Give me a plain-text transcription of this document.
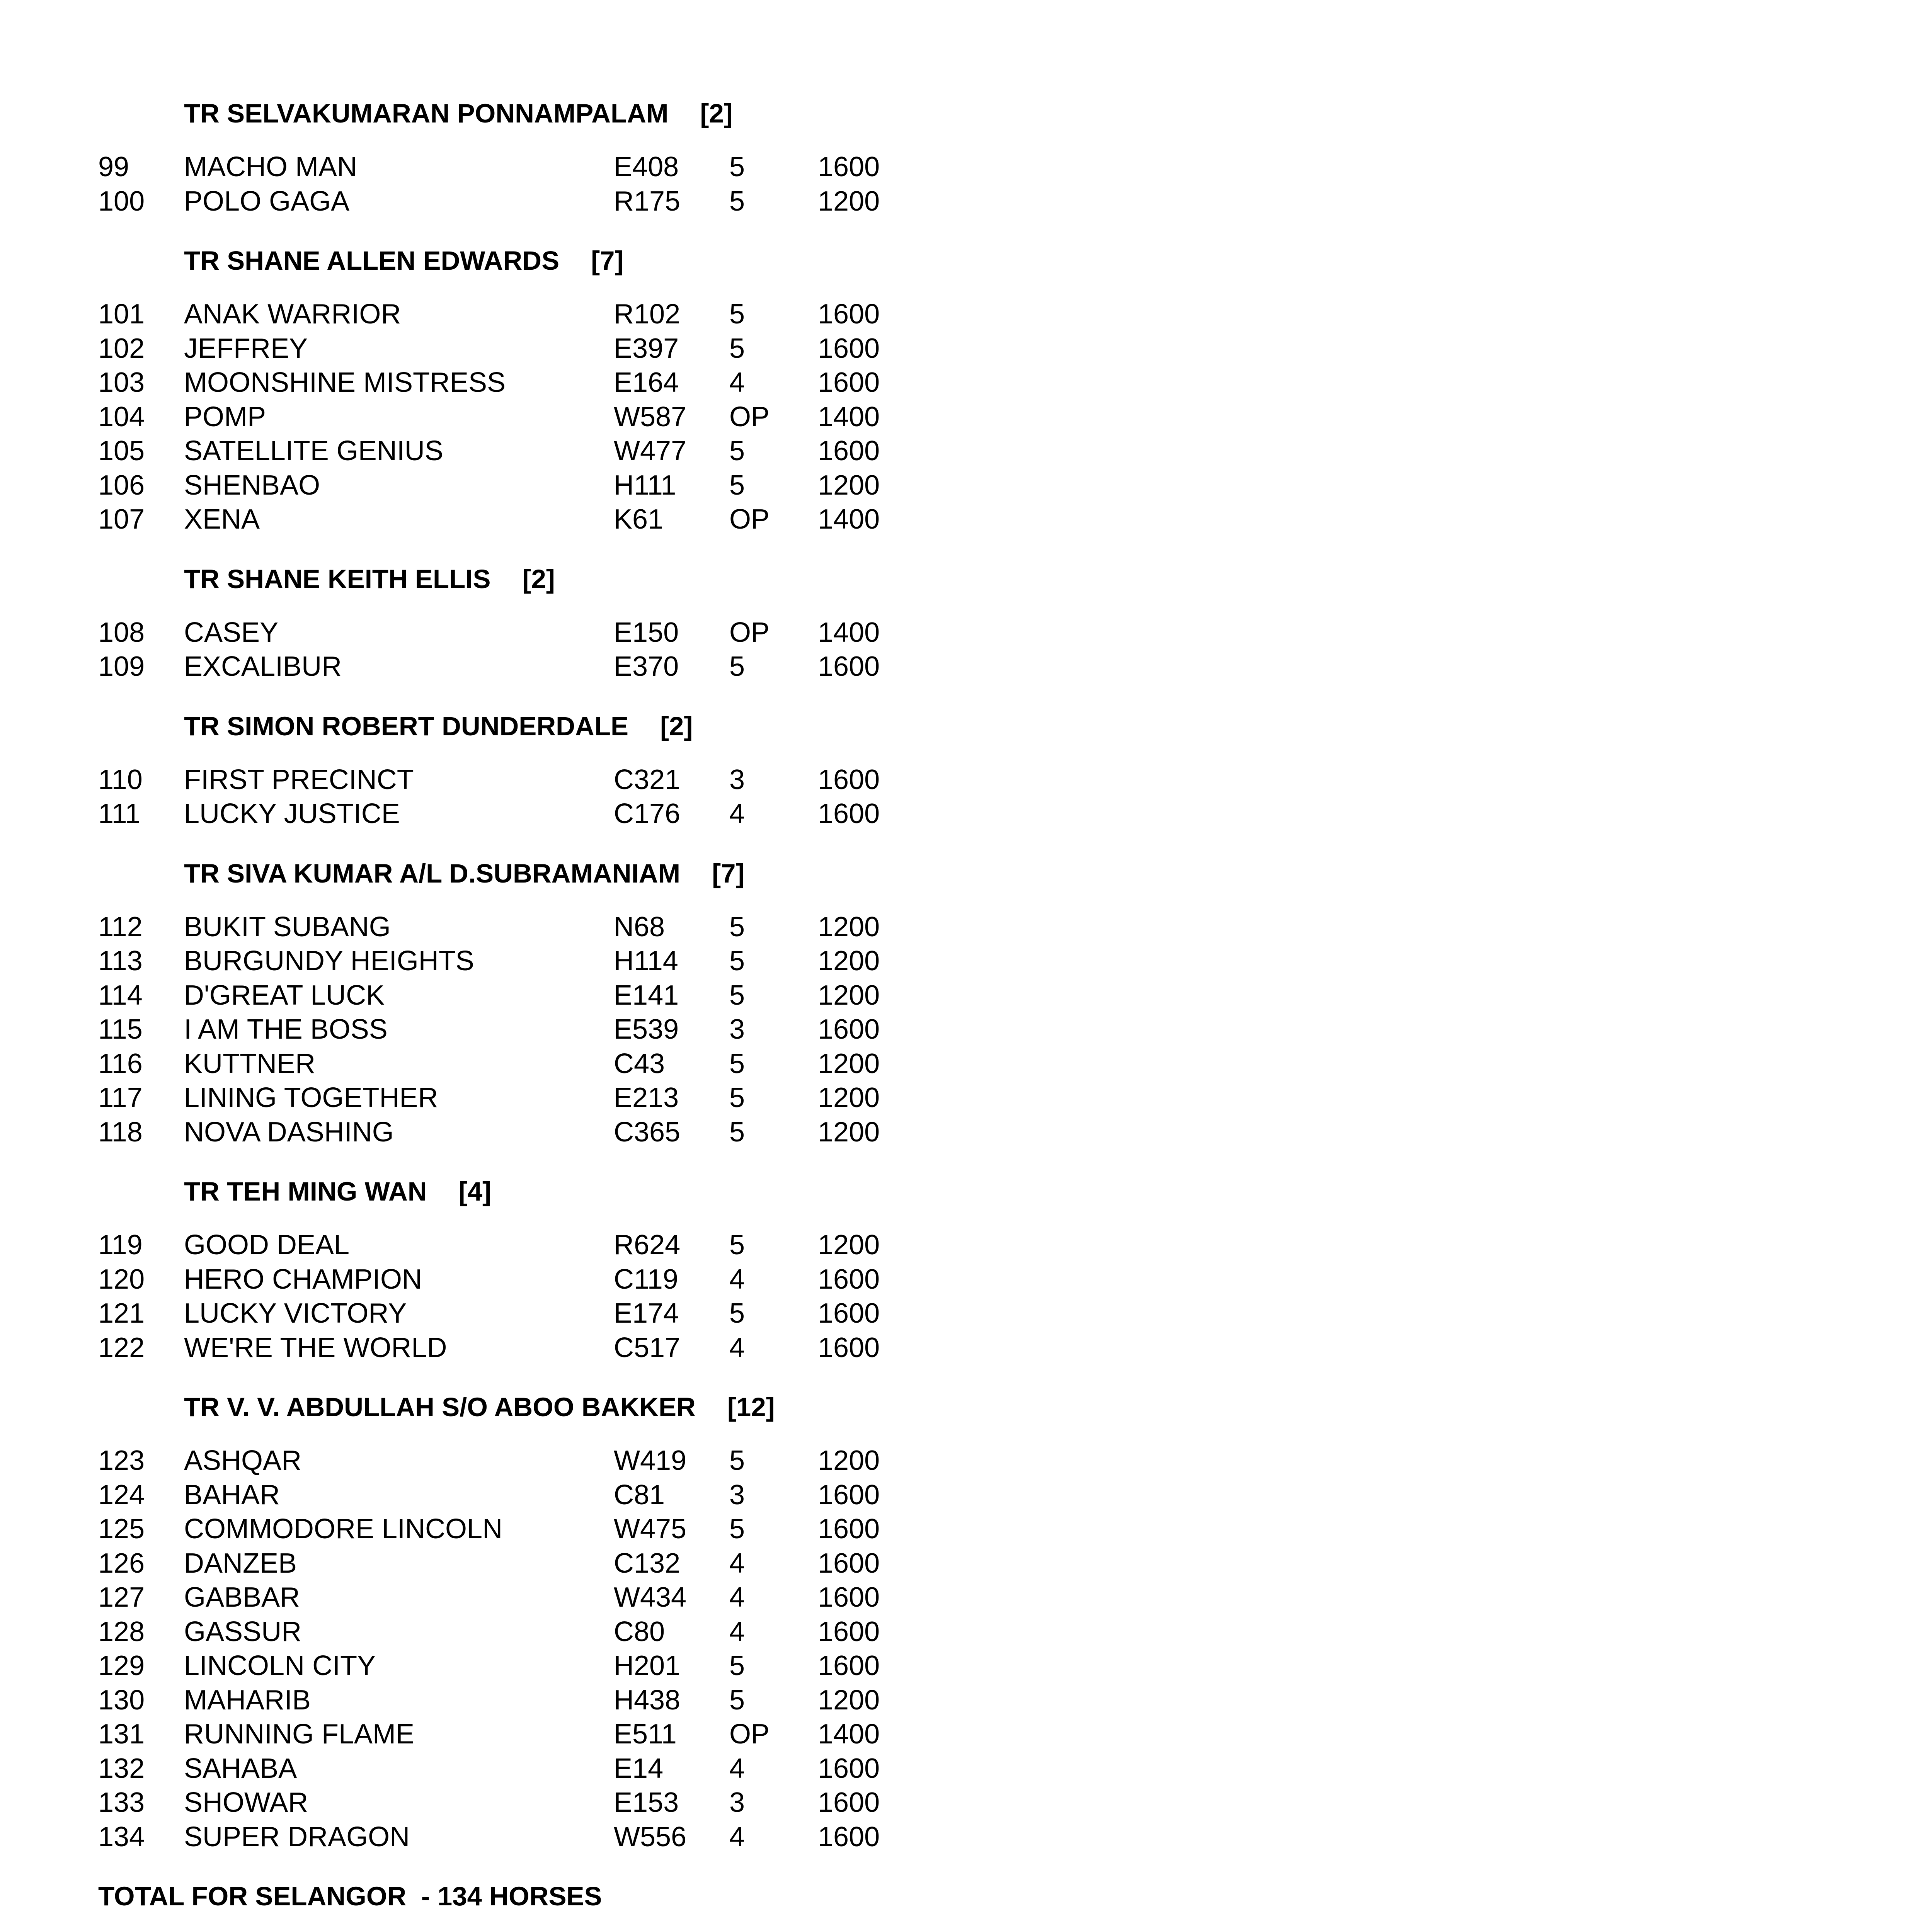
TR SELVAKUMARAN PONNAMPALAM [2]
99 MACHO MAN	E408 5	1600
100 POLO GAGA	R175 5	1200
TR SHANE ALLEN EDWARDS [7]
101 ANAK WARRIOR	R102 5	1600
102 JEFFREY	E397 5	1600
103 MOONSHINE MISTRESS	E164 4	1600
104 POMP	W587 OP 1400
105 SATELLITE GENIUS	W477 5	1600
106 SHENBAO	H111 5	1200
107 XENA	K61 OP 1400
TR SHANE KEITH ELLIS [2]
108 CASEY	E150 OP 1400
109 EXCALIBUR	E370 5	1600
TR SIMON ROBERT DUNDERDALE [2]
110 FIRST PRECINCT	C321 3	1600
111 LUCKY JUSTICE	C176 4	1600
TR SIVA KUMAR A/L D.SUBRAMANIAM [7]
112 BUKIT SUBANG	N68 5	1200
113 BURGUNDY HEIGHTS	H114 5	1200
114 D'GREAT LUCK	E141 5	1200
115 I AM THE BOSS	E539 3	1600
116 KUTTNER	C43 5	1200
117 LINING TOGETHER	E213 5	1200
118 NOVA DASHING	C365 5	1200
TR TEH MING WAN [4]
119 GOOD DEAL	R624 5	1200
120 HERO CHAMPION	C119 4	1600
121 LUCKY VICTORY	E174 5	1600
122 WE'RE THE WORLD	C517 4	1600
TR V. V. ABDULLAH S/O ABOO BAKKER [12]
123 ASHQAR	W419 5	1200
124 BAHAR	C81 3	1600
125 COMMODORE LINCOLN	W475 5	1600
126 DANZEB	C132 4	1600
127 GABBAR	W434 4	1600
128 GASSUR	C80 4	1600
129 LINCOLN CITY	H201 5	1600
130 MAHARIB	H438 5	1200
131 RUNNING FLAME	E511 OP 1400
132 SAHABA	E14 4	1600
133 SHOWAR	E153 3	1600
134 SUPER DRAGON	W556 4	1600
TOTAL FOR SELANGOR  - 134 HORSES
